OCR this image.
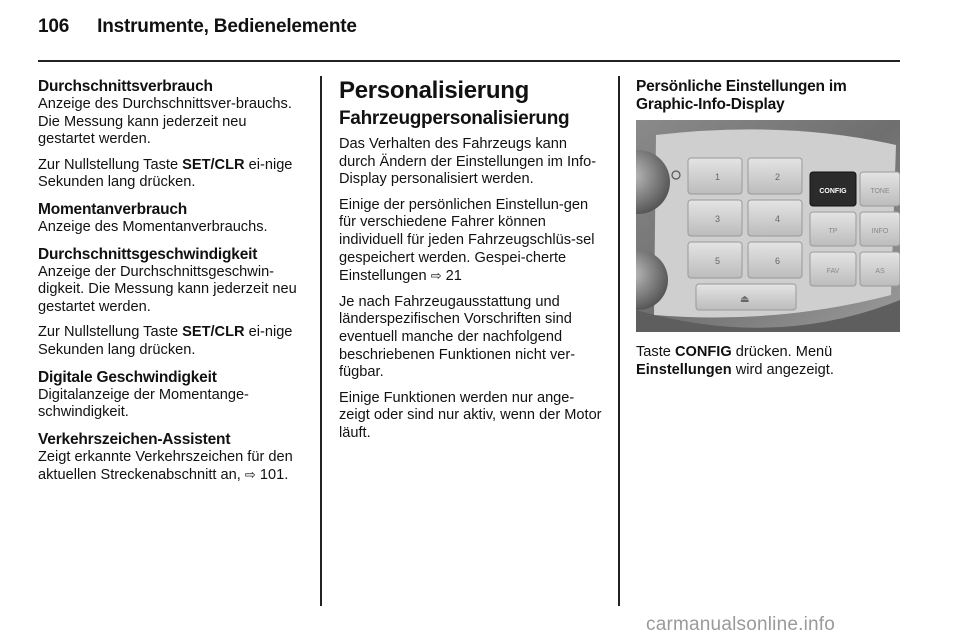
106 Instrumente, Bedienelemente
Durchschnittsverbrauch

Anzeige des Durchschnittsver-brauchs. Die Messung kann jederzeit neu gestartet werden.

Zur Nullstellung Taste SET/CLR ei-nige Sekunden lang drücken.

Momentanverbrauch

Anzeige des Momentanverbrauchs.

Durchschnittsgeschwindigkeit

Anzeige der Durchschnittsgeschwin-digkeit. Die Messung kann jederzeit neu gestartet werden.

Zur Nullstellung Taste SET/CLR ei-nige Sekunden lang drücken.

Digitale Geschwindigkeit

Digitalanzeige der Momentange-schwindigkeit.

Verkehrszeichen-Assistent

Zeigt erkannte Verkehrszeichen für den aktuellen Streckenabschnitt an, ⇨ 101.

Personalisierung
Fahrzeugpersonalisierung

Das Verhalten des Fahrzeugs kann durch Ändern der Einstellungen im Info-Display personalisiert werden.

Einige der persönlichen Einstellun-gen für verschiedene Fahrer können individuell für jeden Fahrzeugschlüs-sel gespeichert werden. Gespei-cherte Einstellungen ⇨ 21

Je nach Fahrzeugausstattung und länderspezifischen Vorschriften sind eventuell manche der nachfolgend beschriebenen Funktionen nicht ver-fügbar.

Einige Funktionen werden nur ange-zeigt oder sind nur aktiv, wenn der Motor läuft.

Persönliche Einstellungen im Graphic-Info-Display
1	2
3	4
5	6
⏏
CONFIG	TONE
TP	INFO
FAV	AS

Taste CONFIG drücken. Menü Einstellungen wird angezeigt.

carmanualsonline.info
